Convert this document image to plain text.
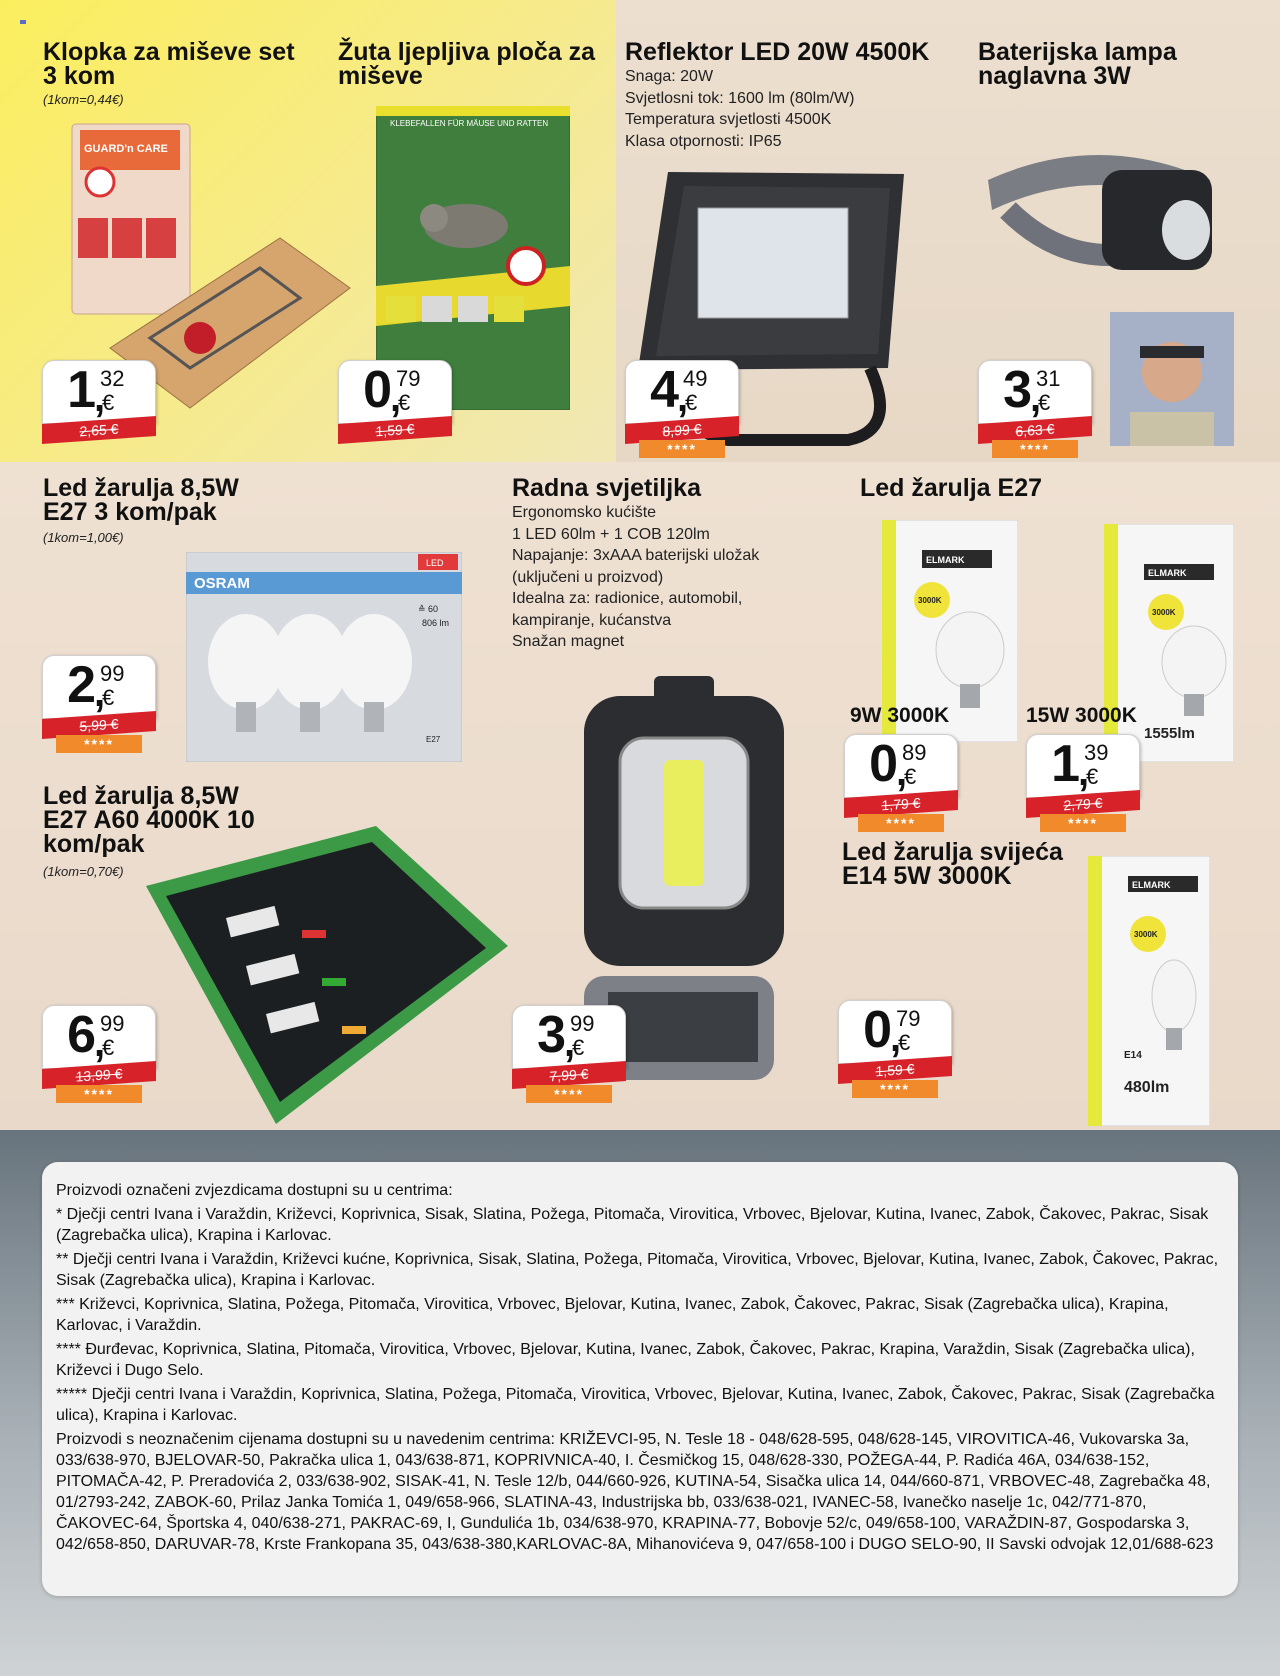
Klopka za miševe set 3 kom
(1kom=0,44€)
GUARD'n CARE
1
,
32
€
2,65 €
Žuta ljepljiva ploča za miševe
KLEBEFALLEN FÜR MÄUSE UND RATTEN
0
,
79
€
1,59 €
Reflektor LED 20W 4500K
Snaga: 20W
Svjetlosni tok: 1600 lm (80lm/W)
Temperatura svjetlosti 4500K
Klasa otpornosti: IP65
4
,
49
€
8,99 €
****
Baterijska lampa naglavna 3W
3
,
31
€
6,63 €
****
Led žarulja 8,5W E27 3 kom/pak
(1kom=1,00€)
OSRAM
LED
≙ 60
806 lm
E27
2
,
99
€
5,99 €
****
Radna svjetiljka
Ergonomsko kućište
1 LED 60lm + 1 COB 120lm
Napajanje: 3xAAA baterijski uložak
(uključeni u proizvod)
Idealna za: radionice, automobil,
kampiranje, kućanstva
Snažan magnet
3
,
99
€
7,99 €
****
Led žarulja E27
ELMARK
3000K
ELMARK
3000K
1555lm
9W 3000K	15W 3000K
0
,
89
€
1,79 €
****
1
,
39
€
2,79 €
****
Led žarulja 8,5W E27 A60 4000K 10 kom/pak
(1kom=0,70€)
6
,
99
€
13,99 €
****
Led žarulja svijeća E14 5W 3000K	ELMARK
3000K
E14
480lm
0
,
79
€
1,59 €
****

Proizvodi označeni zvjezdicama dostupni su u centrima:

* Dječji centri Ivana i Varaždin, Križevci, Koprivnica, Sisak, Slatina, Požega, Pitomača, Virovitica, Vrbovec, Bjelovar, Kutina, Ivanec, Zabok, Čakovec, Pakrac, Sisak (Zagrebačka ulica), Krapina i Karlovac.

** Dječji centri Ivana i Varaždin, Križevci kućne, Koprivnica, Sisak, Slatina, Požega, Pitomača, Virovitica, Vrbovec, Bjelovar, Kutina, Ivanec, Zabok, Čakovec, Pakrac, Sisak (Zagrebačka ulica), Krapina i Karlovac.

*** Križevci, Koprivnica, Slatina, Požega, Pitomača, Virovitica, Vrbovec, Bjelovar, Kutina, Ivanec, Zabok, Čakovec, Pakrac, Sisak (Zagrebačka ulica), Krapina, Karlovac, i Varaždin.

**** Đurđevac, Koprivnica, Slatina, Pitomača, Virovitica, Vrbovec, Bjelovar, Kutina, Ivanec, Zabok, Čakovec, Pakrac, Krapina, Varaždin, Sisak (Zagrebačka ulica), Križevci i Dugo Selo.

***** Dječji centri Ivana i Varaždin, Koprivnica, Slatina, Požega, Pitomača, Virovitica, Vrbovec, Bjelovar, Kutina, Ivanec, Zabok, Čakovec, Pakrac, Sisak (Zagrebačka ulica), Krapina i Karlovac.

Proizvodi s neoznačenim cijenama dostupni su u navedenim centrima: KRIŽEVCI-95, N. Tesle 18 - 048/628-595, 048/628-145, VIROVITICA-46, Vukovarska 3a, 033/638-970, BJELOVAR-50, Pakračka ulica 1, 043/638-871, KOPRIVNICA-40, I. Česmičkog 15, 048/628-330, POŽEGA-44, P. Radića 46A, 034/638-152, PITOMAČA-42, P. Preradovića 2, 033/638-902, SISAK-41, N. Tesle 12/b, 044/660-926, KUTINA-54, Sisačka ulica 14, 044/660-871, VRBOVEC-48, Zagrebačka 48, 01/2793-242, ZABOK-60, Prilaz Janka Tomića 1, 049/658-966, SLATINA-43, Industrijska bb, 033/638-021, IVANEC-58, Ivanečko naselje 1c, 042/771-870, ČAKOVEC-64, Športska 4, 040/638-271, PAKRAC-69, I, Gundulića 1b, 034/638-970, KRAPINA-77, Bobovje 52/c, 049/658-100, VARAŽDIN-87, Gospodarska 3, 042/658-850, DARUVAR-78, Krste Frankopana 35, 043/638-380,KARLOVAC-8A, Mihanovićeva 9, 047/658-100 i DUGO SELO-90, II Savski odvojak 12,01/688-623
